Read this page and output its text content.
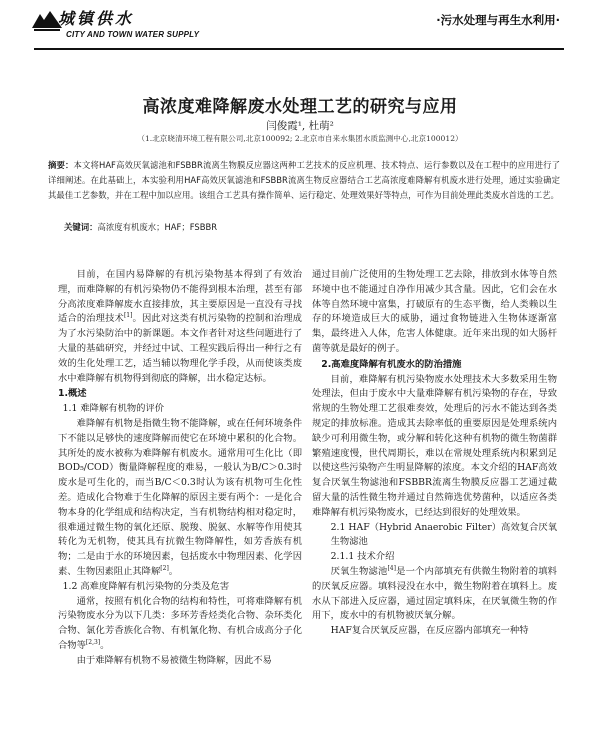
城镇供水
CITY AND TOWN WATER SUPPLY
·污水处理与再生水利用·
高浓度难降解废水处理工艺的研究与应用
闫俊霞¹, 杜萌²
（1.北京晓清环境工程有限公司,北京100092; 2.北京市自来水集团水质监测中心,北京100012）
摘要：本文将HAF高效厌氧滤池和FSBBR流离生物膜反应器这两种工艺技术的反应机理、技术特点、运行参数以及在工程中的应用进行了详细阐述。在此基础上，本实验利用HAF高效厌氧滤池和FSBBR流离生物反应器结合工艺高浓度难降解有机废水进行处理，通过实验确定其最佳工艺参数，并在工程中加以应用。该组合工艺具有操作简单、运行稳定、处理效果好等特点，可作为目前处理此类废水首选的工艺。
关键词：高浓度有机废水；HAF；FSBBR

目前，在国内易降解的有机污染物基本得到了有效治理，而难降解的有机污染物仍不能得到根本治理，甚至有部分高浓度难降解废水直接排放，其主要原因是一直没有寻找适合的治理技术[1]。因此对这类有机污染物的控制和治理成为了水污染防治中的新课题。本文作者针对这些问题进行了大量的基础研究，并经过中试、工程实践后得出一种行之有效的生化处理工艺，适当辅以物理化学手段，从而使该类废水中难降解有机物得到彻底的降解，出水稳定达标。

1.概述

1.1 难降解有机物的评价

难降解有机物是指微生物不能降解，或在任何环境条件下不能以足够快的速度降解而使它在环境中累积的化合物。其所处的废水被称为难降解有机废水。通常用可生化比（即BOD₅/COD）衡量降解程度的难易，一般认为B/C＞0.3时废水是可生化的，而当B/C＜0.3时认为该有机物可生化性差。造成化合物难于生化降解的原因主要有两个：一是化合物本身的化学组成和结构决定，当有机物结构相对稳定时，很难通过微生物的氧化还原、脱羧、脱氨、水解等作用使其转化为无机物，使其具有抗微生物降解性，如芳香族有机物；二是由于水的环境因素，包括废水中物理因素、化学因素、生物因素阻止其降解[2]。

1.2 高难度降解有机污染物的分类及危害

通常，按照有机化合物的结构和特性，可将难降解有机污染物废水分为以下几类：多环芳香烃类化合物、杂环类化合物、氯化芳香族化合物、有机氰化物、有机合成高分子化合物等[2,3]。

由于难降解有机物不易被微生物降解，因此不易

通过目前广泛使用的生物处理工艺去除，排放到水体等自然环境中也不能通过自净作用减少其含量。因此，它们会在水体等自然环境中富集，打破原有的生态平衡，给人类赖以生存的环境造成巨大的威胁，通过食物链进入生物体逐渐富集，最终进入人体，危害人体健康。近年来出现的如大肠杆菌等就是最好的例子。

2.高难度降解有机废水的防治措施

目前，难降解有机污染物废水处理技术大多数采用生物处理法，但由于废水中大量难降解有机污染物的存在，导致常规的生物处理工艺很难奏效，处理后的污水不能达到各类规定的排放标准。造成其去除率低的重要原因是处理系统内缺少可利用微生物，或分解和转化这种有机物的微生物菌群繁殖速度慢，世代周期长，难以在常规处理系统内积累到足以使这些污染物产生明显降解的浓度。本文介绍的HAF高效复合厌氧生物滤池和FSBBR流离生物膜反应器工艺通过截留大量的活性微生物并通过自然筛选优势菌种，以适应各类难降解有机污染物废水，已经达到很好的处理效果。

2.1 HAF（Hybrid Anaerobic Filter）高效复合厌氧生物滤池

2.1.1 技术介绍

厌氧生物滤池[4]是一个内部填充有供微生物附着的填料的厌氧反应器。填料浸没在水中，微生物附着在填料上。废水从下部进入反应器，通过固定填料床，在厌氧微生物的作用下，废水中的有机物被厌氧分解。

HAF复合厌氧反应器，在反应器内部填充一种特
